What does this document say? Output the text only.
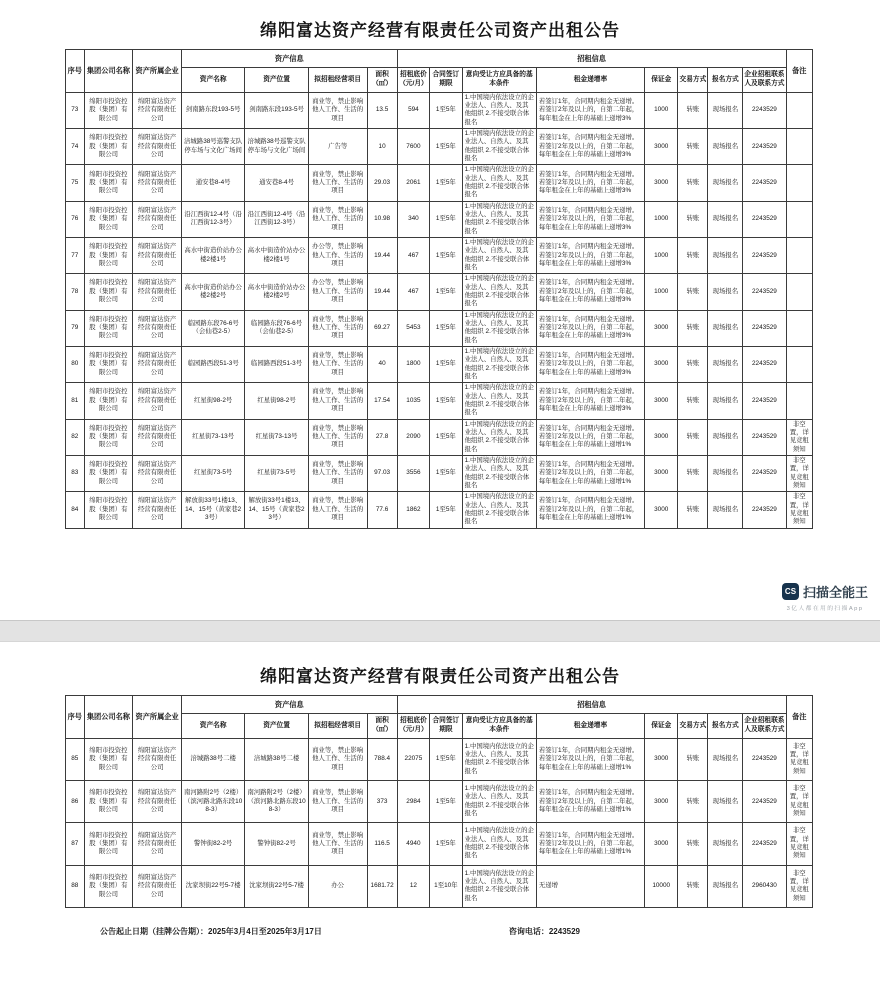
绵阳富达资产经营有限责任公司资产出租公告
序号	集团公司名称	资产所属企业	资产信息				招租信息								备注
			资产名称	资产位置	拟招租经营项目	面积（㎡）	招租底价（元/月）	合同签订期限	意向受让方应具备的基本条件	租金递增率	保证金	交易方式	报名方式	企业招租联系人及联系方式	
73	绵阳市投资控股（集团）有限公司	绵阳富达资产经营有限责任公司	剑南路东段193-5号	剑南路东段193-5号	商业等，禁止影响他人工作、生活的项目	13.5	594	1至5年	1.中国境内依法设立的企业法人、自然人、及其他组织 2.不接受联合体报名	若签订1年，合同期内租金无递增。若签订2年及以上的，自第二年起，每年租金在上年的基础上递增3%	1000	转账	现场报名	2243529	
74	绵阳市投资控股（集团）有限公司	绵阳富达资产经营有限责任公司	涪城路38号巡警支队停车场与文化广场间	涪城路38号巡警支队停车场与文化广场间	广告等	10	7600	1至5年	1.中国境内依法设立的企业法人、自然人、及其他组织 2.不接受联合体报名	若签订1年，合同期内租金无递增。若签订2年及以上的，自第二年起，每年租金在上年的基础上递增3%	3000	转账	现场报名	2243529	
75	绵阳市投资控股（集团）有限公司	绵阳富达资产经营有限责任公司	通安巷8-4号	通安巷8-4号	商业等，禁止影响他人工作、生活的项目	29.03	2061	1至5年	1.中国境内依法设立的企业法人、自然人、及其他组织 2.不接受联合体报名	若签订1年，合同期内租金无递增。若签订2年及以上的，自第二年起，每年租金在上年的基础上递增3%	3000	转账	现场报名	2243529	
76	绵阳市投资控股（集团）有限公司	绵阳富达资产经营有限责任公司	沿江西街12-4号（沿江西街12-3号）	沿江西街12-4号（沿江西街12-3号）	商业等，禁止影响他人工作、生活的项目	10.98	340	1至5年	1.中国境内依法设立的企业法人、自然人、及其他组织 2.不接受联合体报名	若签订1年，合同期内租金无递增。若签订2年及以上的，自第二年起，每年租金在上年的基础上递增3%	1000	转账	现场报名	2243529	
77	绵阳市投资控股（集团）有限公司	绵阳富达资产经营有限责任公司	高水中街造价站办公楼2楼1号	高水中街造价站办公楼2楼1号	办公等，禁止影响他人工作、生活的项目	19.44	467	1至5年	1.中国境内依法设立的企业法人、自然人、及其他组织 2.不接受联合体报名	若签订1年，合同期内租金无递增。若签订2年及以上的，自第二年起，每年租金在上年的基础上递增3%	1000	转账	现场报名	2243529	
78	绵阳市投资控股（集团）有限公司	绵阳富达资产经营有限责任公司	高水中街造价站办公楼2楼2号	高水中街造价站办公楼2楼2号	办公等，禁止影响他人工作、生活的项目	19.44	467	1至5年	1.中国境内依法设立的企业法人、自然人、及其他组织 2.不接受联合体报名	若签订1年，合同期内租金无递增。若签订2年及以上的，自第二年起，每年租金在上年的基础上递增3%	1000	转账	现场报名	2243529	
79	绵阳市投资控股（集团）有限公司	绵阳富达资产经营有限责任公司	临园路东段76-6号（会仙巷2-5）	临园路东段76-6号（会仙巷2-5）	商业等，禁止影响他人工作、生活的项目	69.27	5453	1至5年	1.中国境内依法设立的企业法人、自然人、及其他组织 2.不接受联合体报名	若签订1年，合同期内租金无递增。若签订2年及以上的，自第二年起，每年租金在上年的基础上递增3%	3000	转账	现场报名	2243529	
80	绵阳市投资控股（集团）有限公司	绵阳富达资产经营有限责任公司	临园路西段51-3号	临园路西段51-3号	商业等，禁止影响他人工作、生活的项目	40	1800	1至5年	1.中国境内依法设立的企业法人、自然人、及其他组织 2.不接受联合体报名	若签订1年，合同期内租金无递增。若签订2年及以上的，自第二年起，每年租金在上年的基础上递增3%	3000	转账	现场报名	2243529	
81	绵阳市投资控股（集团）有限公司	绵阳富达资产经营有限责任公司	红星街98-2号	红星街98-2号	商业等，禁止影响他人工作、生活的项目	17.54	1035	1至5年	1.中国境内依法设立的企业法人、自然人、及其他组织 2.不接受联合体报名	若签订1年，合同期内租金无递增。若签订2年及以上的，自第二年起，每年租金在上年的基础上递增3%	3000	转账	现场报名	2243529	
82	绵阳市投资控股（集团）有限公司	绵阳富达资产经营有限责任公司	红星街73-13号	红星街73-13号	商业等，禁止影响他人工作、生活的项目	27.8	2090	1至5年	1.中国境内依法设立的企业法人、自然人、及其他组织 2.不接受联合体报名	若签订1年，合同期内租金无递增。若签订2年及以上的，自第二年起，每年租金在上年的基础上递增1%	3000	转账	现场报名	2243529	非空置，详见竞租须知
83	绵阳市投资控股（集团）有限公司	绵阳富达资产经营有限责任公司	红星街73-5号	红星街73-5号	商业等，禁止影响他人工作、生活的项目	97.03	3556	1至5年	1.中国境内依法设立的企业法人、自然人、及其他组织 2.不接受联合体报名	若签订1年，合同期内租金无递增。若签订2年及以上的，自第二年起，每年租金在上年的基础上递增1%	3000	转账	现场报名	2243529	非空置，详见竞租须知
84	绵阳市投资控股（集团）有限公司	绵阳富达资产经营有限责任公司	解放街33号1楼13、14、15号（黄家巷23号）	解放街33号1楼13、14、15号（黄家巷23号）	商业等，禁止影响他人工作、生活的项目	77.6	1862	1至5年	1.中国境内依法设立的企业法人、自然人、及其他组织 2.不接受联合体报名	若签订1年，合同期内租金无递增。若签订2年及以上的，自第二年起，每年租金在上年的基础上递增1%	3000	转账	现场报名	2243529	非空置，详见竞租须知
CS 扫描全能王
3亿人都在用的扫描App
绵阳富达资产经营有限责任公司资产出租公告
序号	集团公司名称	资产所属企业	资产信息				招租信息								备注
			资产名称	资产位置	拟招租经营项目	面积（㎡）	招租底价（元/月）	合同签订期限	意向受让方应具备的基本条件	租金递增率	保证金	交易方式	报名方式	企业招租联系人及联系方式	
85	绵阳市投资控股（集团）有限公司	绵阳富达资产经营有限责任公司	涪城路38号二楼	涪城路38号二楼	商业等，禁止影响他人工作、生活的项目	788.4	22075	1至5年	1.中国境内依法设立的企业法人、自然人、及其他组织 2.不接受联合体报名	若签订1年，合同期内租金无递增。若签订2年及以上的，自第二年起，每年租金在上年的基础上递增1%	3000	转账	现场报名	2243529	非空置，详见竞租须知
86	绵阳市投资控股（集团）有限公司	绵阳富达资产经营有限责任公司	南河路附2号（2楼）（滨河路北路东段108-3）	南河路附2号（2楼）（滨河路北路东段108-3）	商业等，禁止影响他人工作、生活的项目	373	2984	1至5年	1.中国境内依法设立的企业法人、自然人、及其他组织 2.不接受联合体报名	若签订1年，合同期内租金无递增。若签订2年及以上的，自第二年起，每年租金在上年的基础上递增1%	3000	转账	现场报名	2243529	非空置，详见竞租须知
87	绵阳市投资控股（集团）有限公司	绵阳富达资产经营有限责任公司	警钟街82-2号	警钟街82-2号	商业等，禁止影响他人工作、生活的项目	116.5	4940	1至5年	1.中国境内依法设立的企业法人、自然人、及其他组织 2.不接受联合体报名	若签订1年，合同期内租金无递增。若签订2年及以上的，自第二年起，每年租金在上年的基础上递增1%	3000	转账	现场报名	2243529	非空置，详见竞租须知
88	绵阳市投资控股（集团）有限公司	绵阳富达资产经营有限责任公司	沈家坝街22号5-7楼	沈家坝街22号5-7楼	办公	1681.72	12	1至10年	1.中国境内依法设立的企业法人、自然人、及其他组织 2.不接受联合体报名	无递增	10000	转账	现场报名	2960430	非空置，详见竞租须知
公告起止日期（挂牌公告期）：2025年3月4日至2025年3月17日	咨询电话：2243529
